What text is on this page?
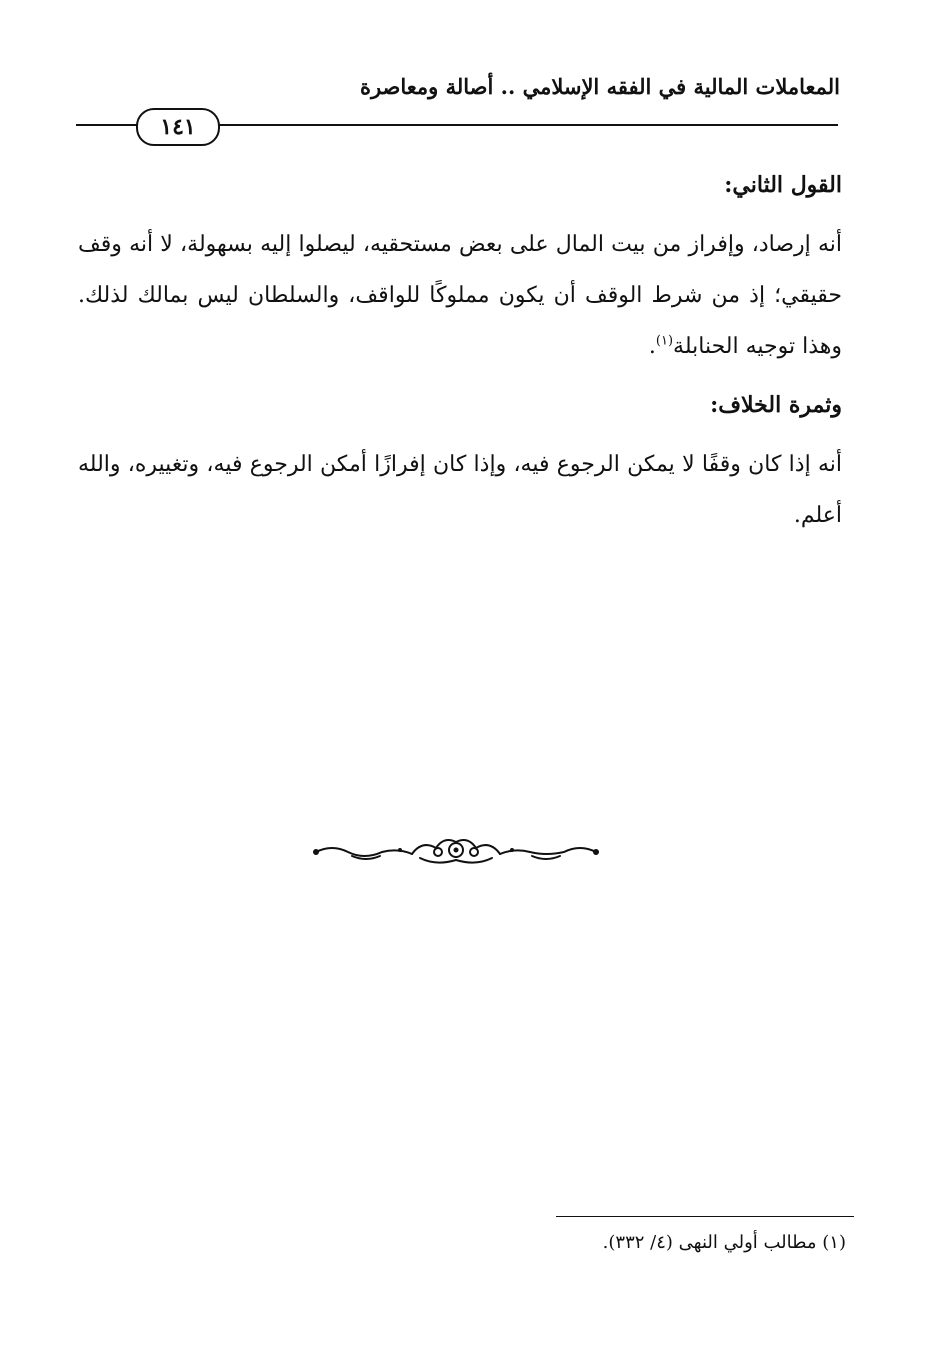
المعاملات المالية في الفقه الإسلامي .. أصالة ومعاصرة
١٤١

القول الثاني:

أنه إرصاد، وإفراز من بيت المال على بعض مستحقيه، ليصلوا إليه بسهولة، لا أنه وقف حقيقي؛ إذ من شرط الوقف أن يكون مملوكًا للواقف، والسلطان ليس بمالك لذلك. وهذا توجيه الحنابلة$^{(١)}$.

وثمرة الخلاف:

أنه إذا كان وقفًا لا يمكن الرجوع فيه، وإذا كان إفرازًا أمكن الرجوع فيه، وتغييره، والله أعلم.

(١) مطالب أولي النهى (٤/ ٣٣٢).
